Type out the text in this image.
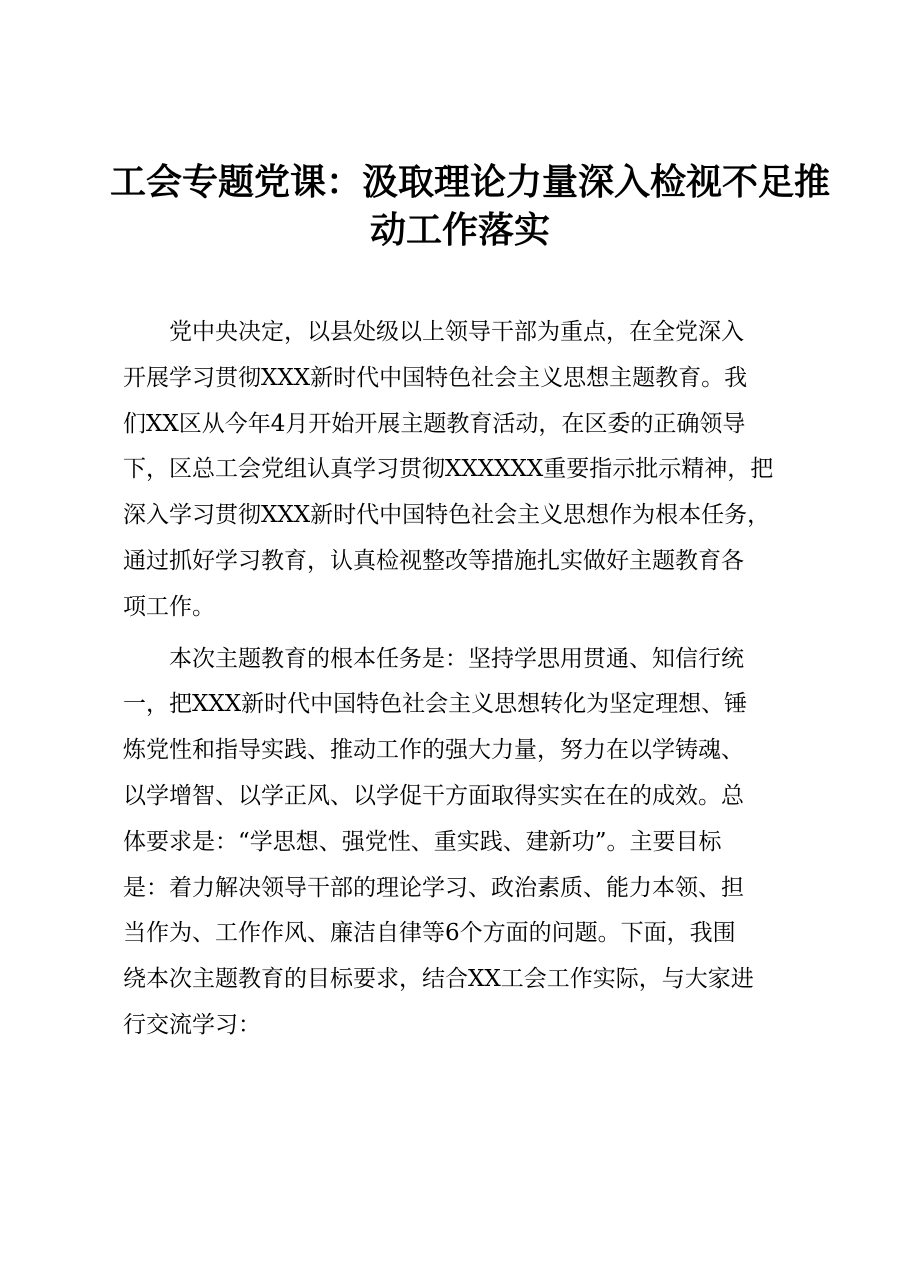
工会专题党课：汲取理论力量深入检视不足推
动工作落实
党中央决定，以县处级以上领导干部为重点，在全党深入
开展学习贯彻XXX新时代中国特色社会主义思想主题教育。我
们XX区从今年4月开始开展主题教育活动，在区委的正确领导
下，区总工会党组认真学习贯彻XXXXXX重要指示批示精神，把
深入学习贯彻XXX新时代中国特色社会主义思想作为根本任务，
通过抓好学习教育，认真检视整改等措施扎实做好主题教育各
项工作。
本次主题教育的根本任务是：坚持学思用贯通、知信行统
一，把XXX新时代中国特色社会主义思想转化为坚定理想、锤
炼党性和指导实践、推动工作的强大力量，努力在以学铸魂、
以学增智、以学正风、以学促干方面取得实实在在的成效。总
体要求是：“学思想、强党性、重实践、建新功”。主要目标
是：着力解决领导干部的理论学习、政治素质、能力本领、担
当作为、工作作风、廉洁自律等6个方面的问题。下面，我围
绕本次主题教育的目标要求，结合XX工会工作实际，与大家进
行交流学习：
